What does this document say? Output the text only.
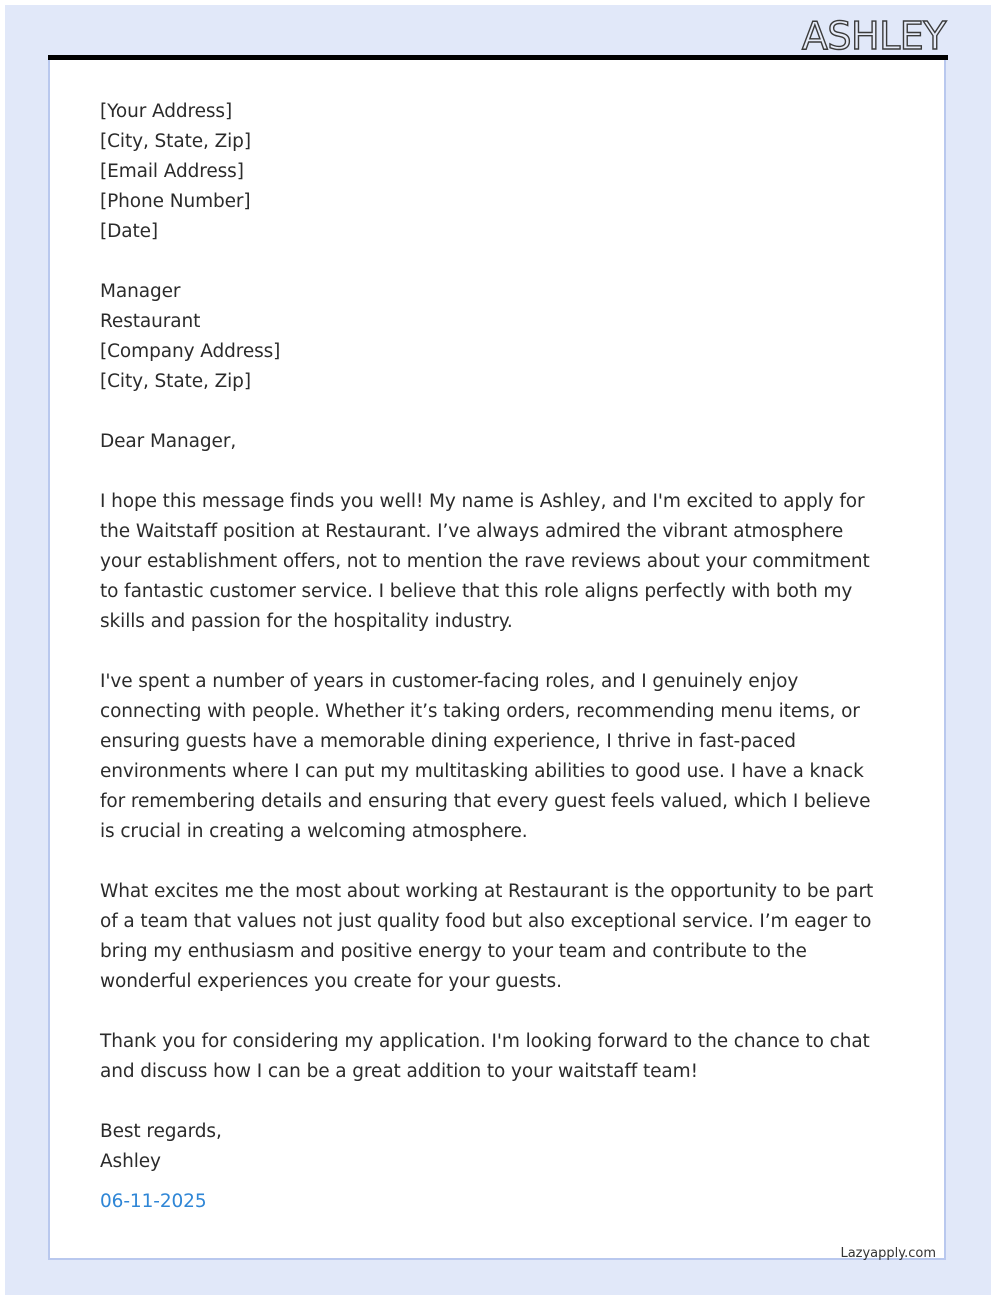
ASHLEY
[Your Address]
[City, State, Zip]
[Email Address]
[Phone Number]
[Date]
Manager
Restaurant
[Company Address]
[City, State, Zip]
Dear Manager,

I hope this message finds you well! My name is Ashley, and I'm excited to apply for the Waitstaff position at Restaurant. I’ve always admired the vibrant atmosphere your establishment offers, not to mention the rave reviews about your commitment to fantastic customer service. I believe that this role aligns perfectly with both my skills and passion for the hospitality industry.

I've spent a number of years in customer-facing roles, and I genuinely enjoy connecting with people. Whether it’s taking orders, recommending menu items, or ensuring guests have a memorable dining experience, I thrive in fast-paced environments where I can put my multitasking abilities to good use. I have a knack for remembering details and ensuring that every guest feels valued, which I believe is crucial in creating a welcoming atmosphere.

What excites me the most about working at Restaurant is the opportunity to be part of a team that values not just quality food but also exceptional service. I’m eager to bring my enthusiasm and positive energy to your team and contribute to the wonderful experiences you create for your guests.

Thank you for considering my application. I'm looking forward to the chance to chat and discuss how I can be a great addition to your waitstaff team!

Best regards,
Ashley
06-11-2025
Lazyapply.com
